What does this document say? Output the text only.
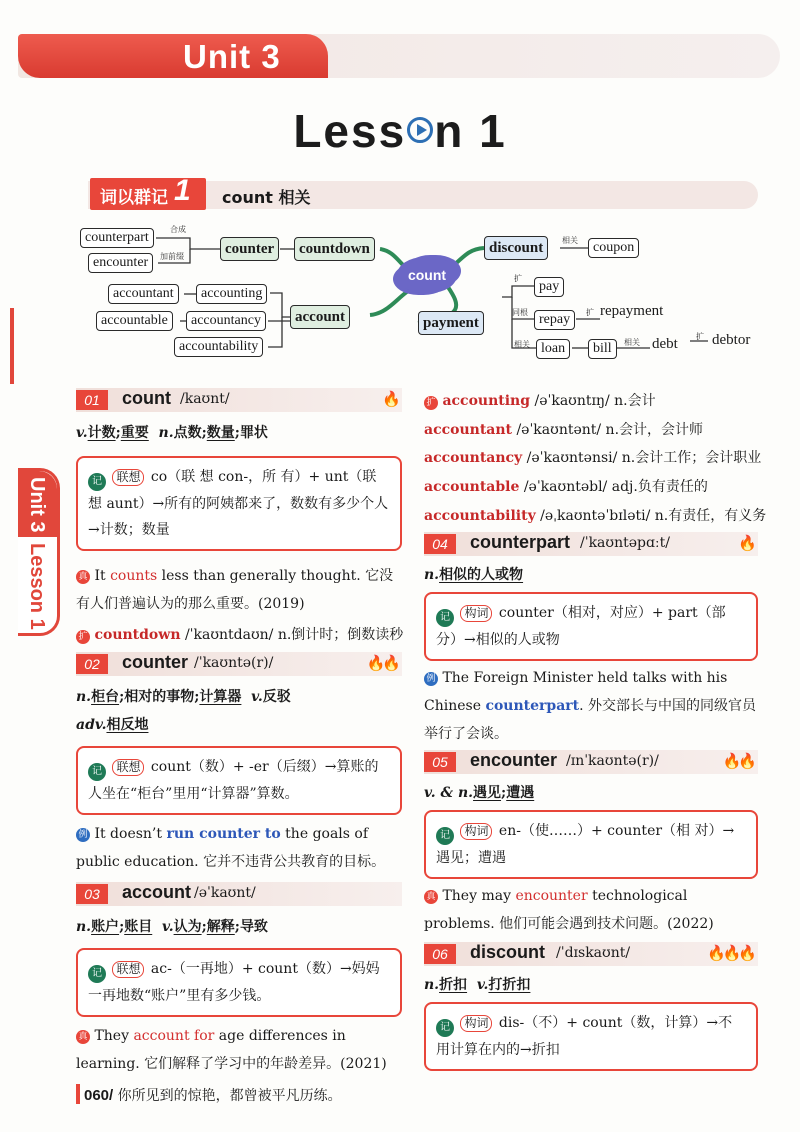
Unit 3
Less n 1
词以群记 1 count 相关
counterpart
encounter
合成
加前缀	counter	countdown
accountant	accounting
accountable	accountancy
accountability
account
count
discount	相关	coupon
payment
扩
pay
同根 repay	扩 repayment
相关 loan	bill	相关 debt 扩 debtor
Unit 3
Lesson 1
01	count /kaʊnt/	🔥
v.计数;重要 n.点数;数量;罪状
记 联想 co（联 想 con-，所 有）+ unt（联 想 aunt）→所有的阿姨都来了，数数有多少个人→计数；数量
真 It counts less than generally thought. 它没有人们普遍认为的那么重要。(2019)
扩 countdown /ˈkaʊntdaʊn/ n.倒计时；倒数读秒
02	counter /ˈkaʊntə(r)/	🔥🔥
n.柜台;相对的事物;计算器 v.反驳
adv.相反地
记 联想 count（数）+ -er（后缀）→算账的人坐在“柜台”里用“计算器”算数。
例 It doesn’t run counter to the goals of public education. 它并不违背公共教育的目标。
03	account /əˈkaʊnt/
n.账户;账目 v.认为;解释;导致
记 联想 ac-（一再地）+ count（数）→妈妈一再地数“账户”里有多少钱。
真 They account for age differences in learning. 它们解释了学习中的年龄差异。(2021)
扩 accounting /əˈkaʊntɪŋ/ n.会计
accountant /əˈkaʊntənt/ n.会计，会计师
accountancy /əˈkaʊntənsi/ n.会计工作；会计职业
accountable /əˈkaʊntəbl/ adj.负有责任的
accountability /əˌkaʊntəˈbɪləti/ n.有责任，有义务
04	counterpart /ˈkaʊntəpɑːt/	🔥
n.相似的人或物
记 构词 counter（相对，对应）+ part（部分）→相似的人或物
例 The Foreign Minister held talks with his Chinese counterpart. 外交部长与中国的同级官员举行了会谈。
05	encounter /ɪnˈkaʊntə(r)/	🔥🔥
v. & n.遇见;遭遇
记 构词 en-（使……）+ counter（相 对）→遇见；遭遇
真 They may encounter technological problems. 他们可能会遇到技术问题。(2022)
06	discount /ˈdɪskaʊnt/	🔥🔥🔥
n.折扣 v.打折扣
记 构词 dis-（不）+ count（数，计算）→不用计算在内的→折扣
060/ 你所见到的惊艳，都曾被平凡历练。
